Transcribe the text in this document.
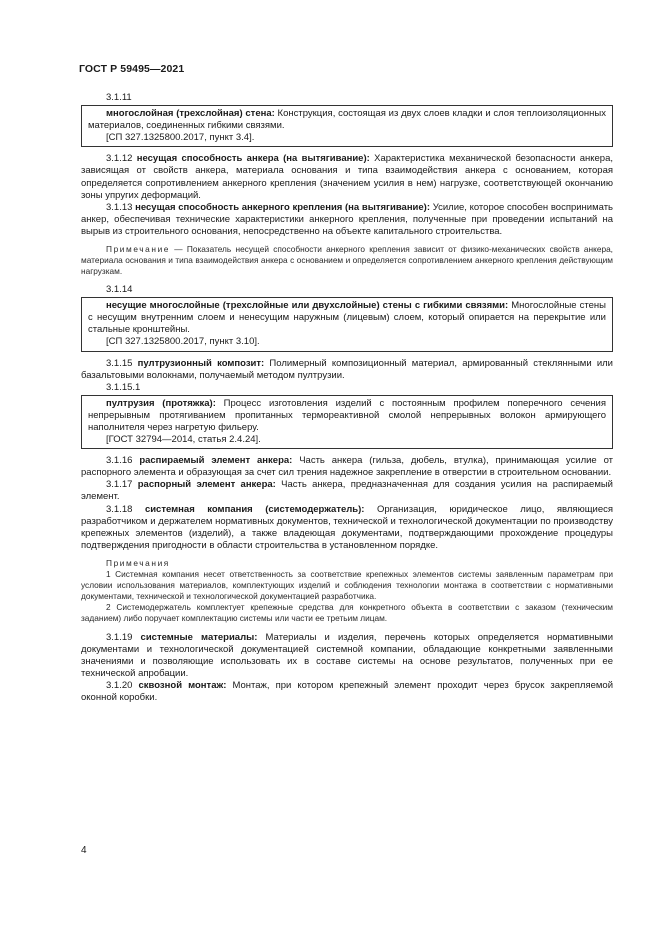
ГОСТ Р 59495—2021
3.1.11

многослойная (трехслойная) стена: Конструкция, состоящая из двух слоев кладки и слоя теплоизоляционных материалов, соединенных гибкими связями.

[СП 327.1325800.2017, пункт 3.4].

3.1.12 несущая способность анкера (на вытягивание): Характеристика механической безопасности анкера, зависящая от свойств анкера, материала основания и типа взаимодействия анкера с основанием, которая определяется сопротивлением анкерного крепления (значением усилия в нем) нагрузке, соответствующей окончанию зоны упругих деформаций.

3.1.13 несущая способность анкерного крепления (на вытягивание): Усилие, которое способен воспринимать анкер, обеспечивая технические характеристики анкерного крепления, полученные при проведении испытаний на вырыв из строительного основания, непосредственно на объекте капитального строительства.

Примечание — Показатель несущей способности анкерного крепления зависит от физико-механических свойств анкера, материала основания и типа взаимодействия анкера с основанием и определяется сопротивлением анкерного крепления действующим нагрузкам.

3.1.14

несущие многослойные (трехслойные или двухслойные) стены с гибкими связями: Многослойные стены с несущим внутренним слоем и ненесущим наружным (лицевым) слоем, который опирается на перекрытие или стальные кронштейны.

[СП 327.1325800.2017, пункт 3.10].

3.1.15 пултрузионный композит: Полимерный композиционный материал, армированный стеклянными или базальтовыми волокнами, получаемый методом пултрузии.

3.1.15.1

пултрузия (протяжка): Процесс изготовления изделий с постоянным профилем поперечного сечения непрерывным протягиванием пропитанных термореактивной смолой непрерывных волокон армирующего наполнителя через нагретую фильеру.

[ГОСТ 32794—2014, статья 2.4.24].

3.1.16 распираемый элемент анкера: Часть анкера (гильза, дюбель, втулка), принимающая усилие от распорного элемента и образующая за счет сил трения надежное закрепление в отверстии в строительном основании.

3.1.17 распорный элемент анкера: Часть анкера, предназначенная для создания усилия на распираемый элемент.

3.1.18 системная компания (системодержатель): Организация, юридическое лицо, являющиеся разработчиком и держателем нормативных документов, технической и технологической документации по производству крепежных элементов (изделий), а также владеющая документами, подтверждающими прохождение процедуры подтверждения пригодности в области строительства в установленном порядке.

Примечания

1 Системная компания несет ответственность за соответствие крепежных элементов системы заявленным параметрам при условии использования материалов, комплектующих изделий и соблюдения технологии монтажа в соответствии с нормативными документами, технической и технологической документацией разработчика.

2 Системодержатель комплектует крепежные средства для конкретного объекта в соответствии с заказом (техническим заданием) либо поручает комплектацию системы или части ее третьим лицам.

3.1.19 системные материалы: Материалы и изделия, перечень которых определяется нормативными документами и технологической документацией системной компании, обладающие конкретными заявленными значениями и позволяющие использовать их в составе системы на основе результатов, полученных при ее технической апробации.

3.1.20 сквозной монтаж: Монтаж, при котором крепежный элемент проходит через брусок закрепляемой оконной коробки.

4
